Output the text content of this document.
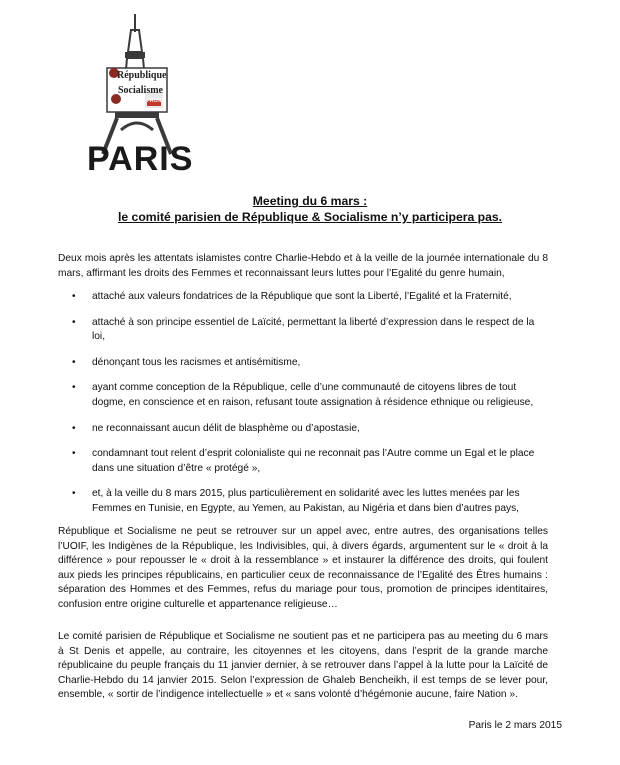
République
Socialisme
FRONT
PARIS
Meeting du 6 mars :
le comité parisien de République & Socialisme n’y participera pas.

Deux mois après les attentats islamistes contre Charlie-Hebdo et à la veille de la journée internationale du 8 mars, affirmant les droits des Femmes et reconnaissant leurs luttes pour l’Egalité du genre humain,

• attaché aux valeurs fondatrices de la République que sont la Liberté, l’Egalité et la Fraternité,
• attaché à son principe essentiel de Laïcité, permettant la liberté d’expression dans le respect de la loi,
• dénonçant tous les racismes et antisémitisme,
• ayant comme conception de la République, celle d’une communauté de citoyens libres de tout dogme, en conscience et en raison, refusant toute assignation à résidence ethnique ou religieuse,
• ne reconnaissant aucun délit de blasphème ou d’apostasie,
• condamnant tout relent d’esprit colonialiste qui ne reconnait pas l’Autre comme un Egal et le place dans une situation d’être « protégé »,
• et, à la veille du 8 mars 2015, plus particulièrement en solidarité avec les luttes menées par les Femmes en Tunisie, en Egypte, au Yemen, au Pakistan, au Nigéria et dans bien d’autres pays,

République et Socialisme ne peut se retrouver sur un appel avec, entre autres, des organisations telles l’UOIF, les Indigènes de la République, les Indivisibles, qui, à divers égards, argumentent sur le « droit à la différence » pour repousser le « droit à la ressemblance » et instaurer la différence des droits, qui foulent aux pieds les principes républicains, en particulier ceux de reconnaissance de l’Egalité des Êtres humains : séparation des Hommes et des Femmes, refus du mariage pour tous, promotion de principes identitaires, confusion entre origine culturelle et appartenance religieuse…

Le comité parisien de République et Socialisme ne soutient pas et ne participera pas au meeting du 6 mars à St Denis et appelle, au contraire, les citoyennes et les citoyens, dans l’esprit de la grande marche républicaine du peuple français du 11 janvier dernier, à se retrouver dans l’appel à la lutte pour la Laïcité de Charlie-Hebdo du 14 janvier 2015. Selon l’expression de Ghaleb Bencheikh, il est temps de se lever pour, ensemble, « sortir de l’indigence intellectuelle » et « sans volonté d’hégémonie aucune, faire Nation ».

Paris le 2 mars 2015
